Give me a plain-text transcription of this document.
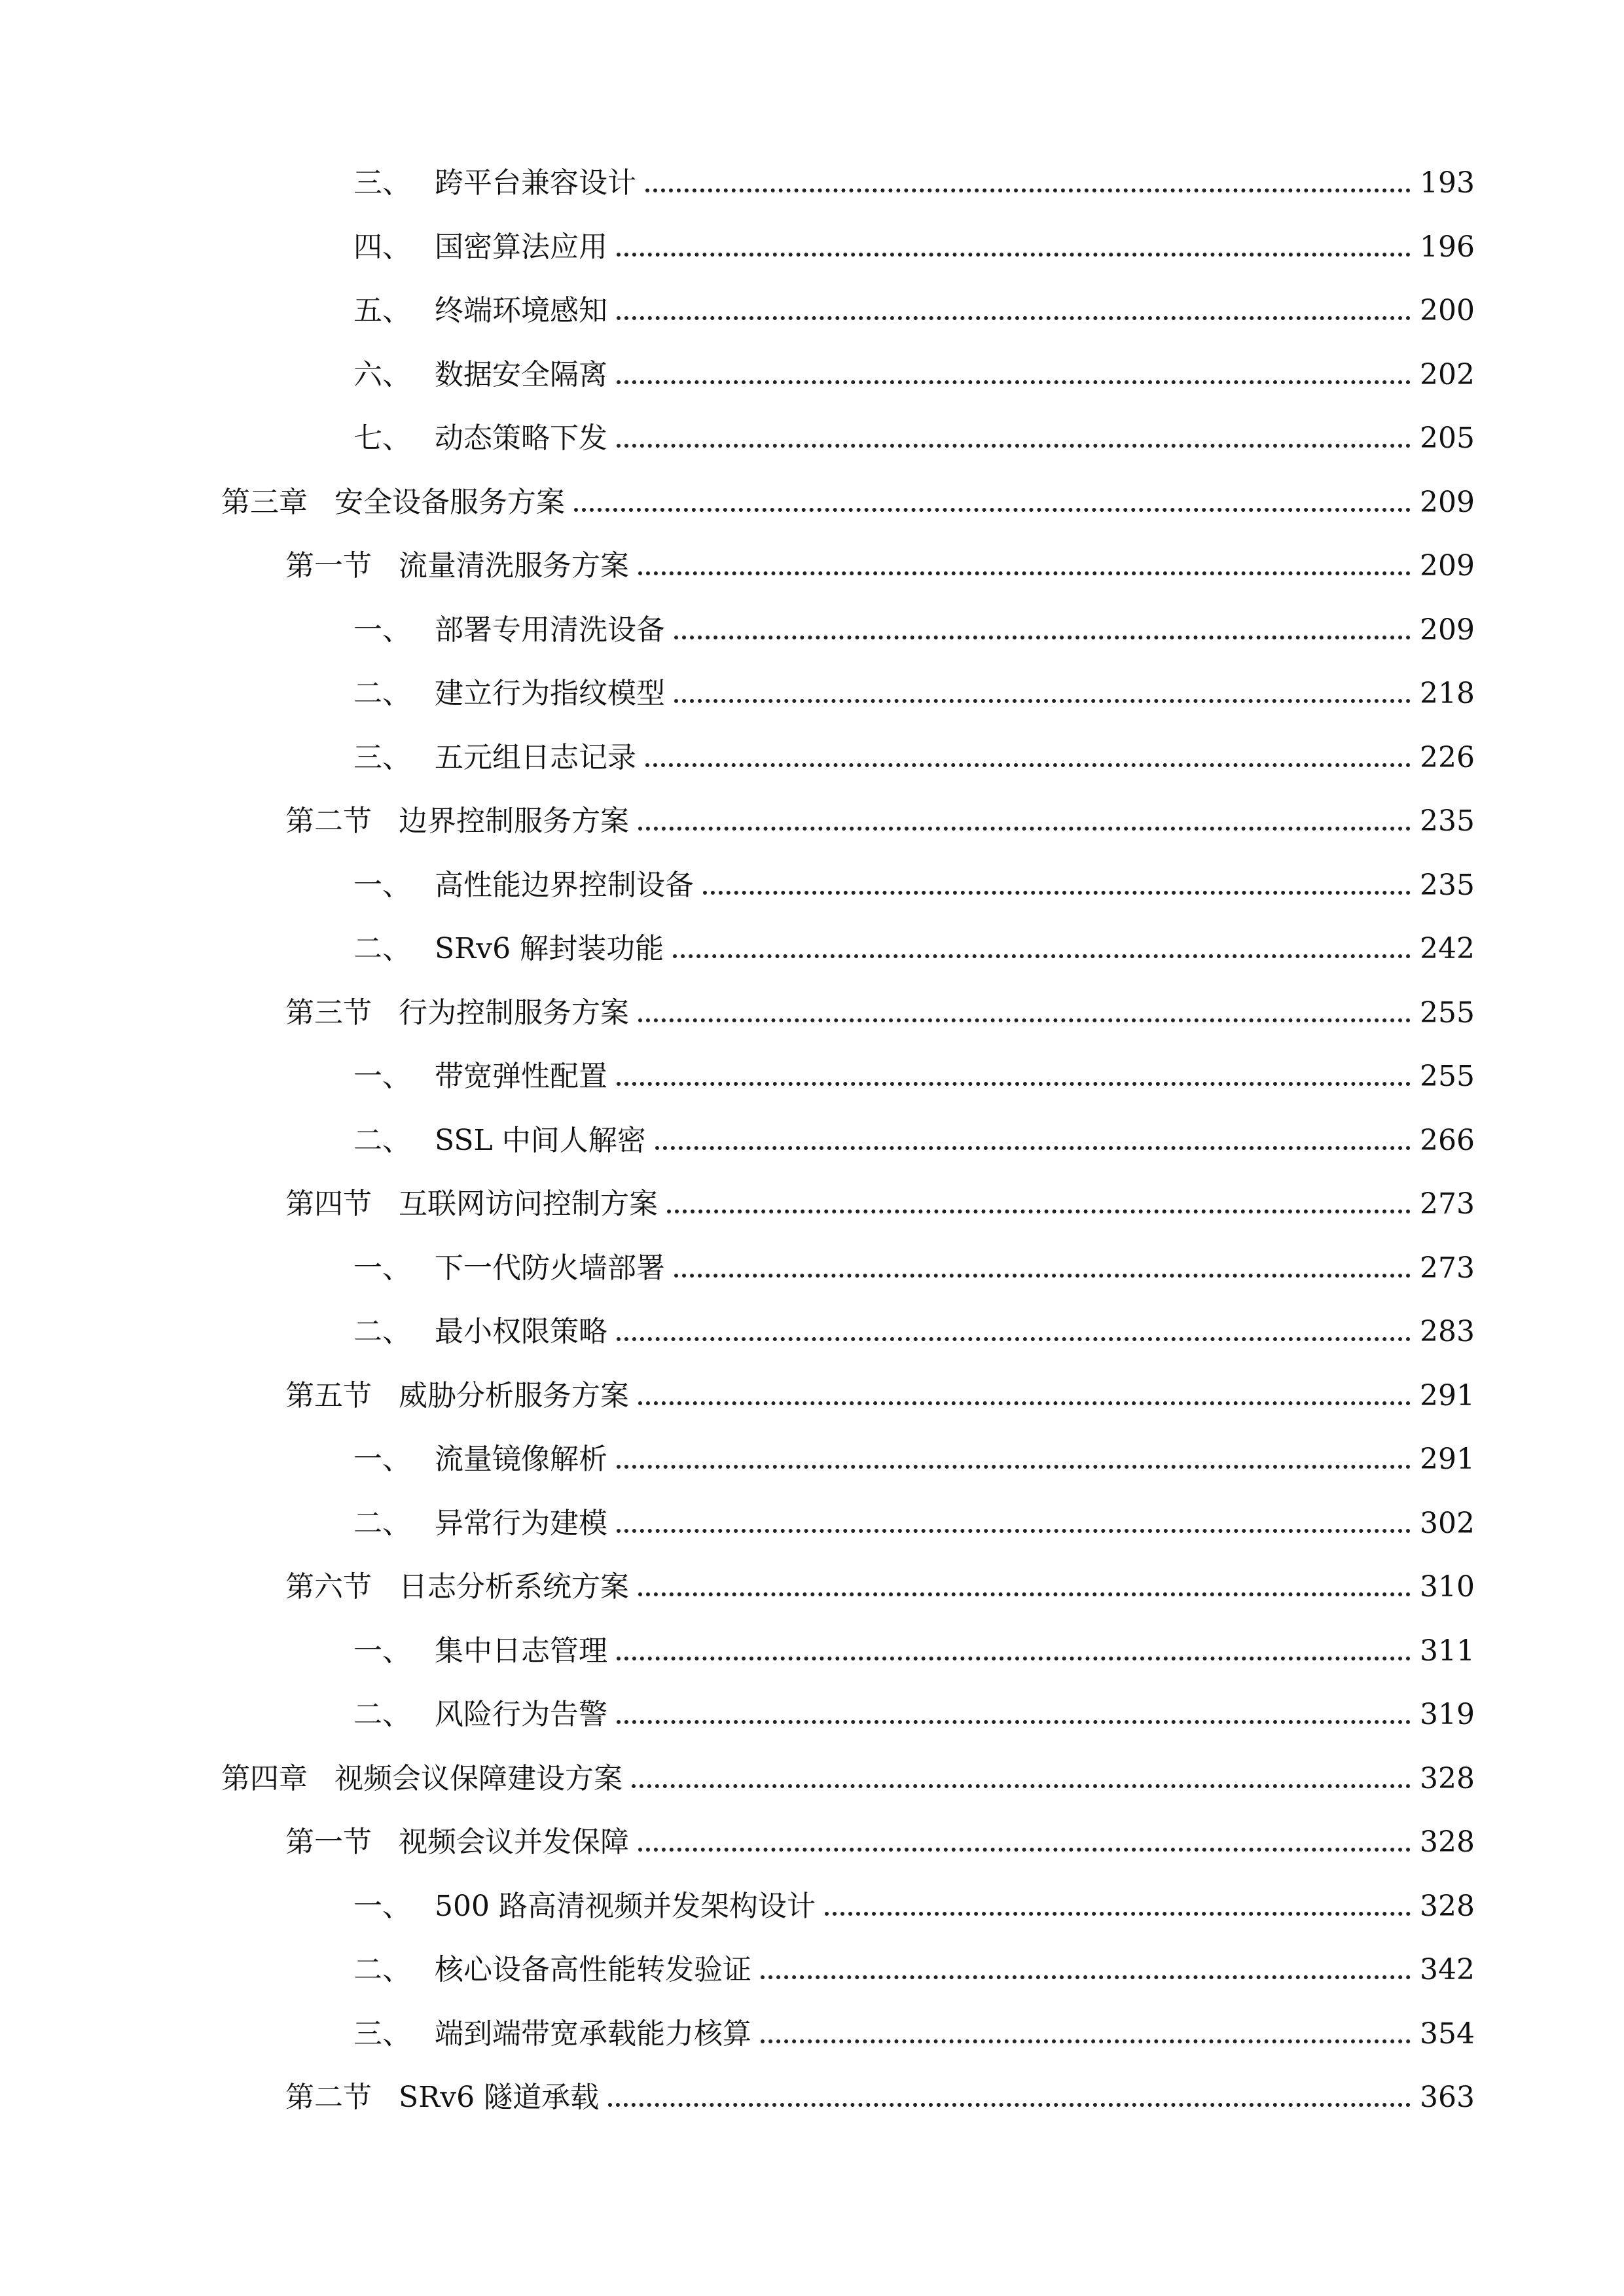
三、 跨平台兼容设计	193
四、 国密算法应用	196
五、 终端环境感知	200
六、 数据安全隔离	202
七、 动态策略下发	205
第三章 安全设备服务方案	209
第一节 流量清洗服务方案	209
一、 部署专用清洗设备	209
二、 建立行为指纹模型	218
三、 五元组日志记录	226
第二节 边界控制服务方案	235
一、 高性能边界控制设备	235
二、 SRv6 解封装功能	242
第三节 行为控制服务方案	255
一、 带宽弹性配置	255
二、 SSL 中间人解密	266
第四节 互联网访问控制方案	273
一、 下一代防火墙部署	273
二、 最小权限策略	283
第五节 威胁分析服务方案	291
一、 流量镜像解析	291
二、 异常行为建模	302
第六节 日志分析系统方案	310
一、 集中日志管理	311
二、 风险行为告警	319
第四章 视频会议保障建设方案	328
第一节 视频会议并发保障	328
一、 500 路高清视频并发架构设计	328
二、 核心设备高性能转发验证	342
三、 端到端带宽承载能力核算	354
第二节 SRv6 隧道承载	363
